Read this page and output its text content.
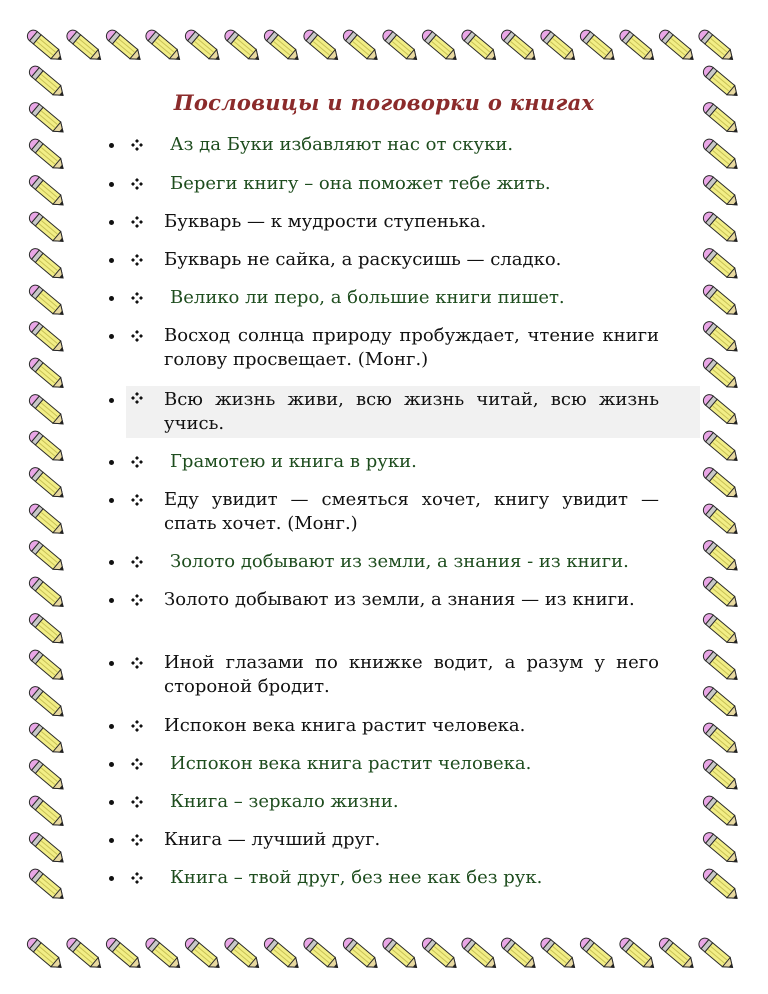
Пословицы и поговорки о книгах
• Аз да Буки избавляют нас от скуки.
• Береги книгу – она поможет тебе жить.
• Букварь — к мудрости ступенька.
• Букварь не сайка, а раскусишь — сладко.
• Велико ли перо, а большие книги пишет.
• Восход солнца природу пробуждает, чтение книги голову просвещает. (Монг.)
• Всю жизнь живи, всю жизнь читай, всю жизнь учись.
• Грамотею и книга в руки.
• Еду увидит — смеяться хочет, книгу увидит — спать хочет. (Монг.)
• Золото добывают из земли, а знания - из книги.
• Золото добывают из земли, а знания — из книги.
• Иной глазами по книжке водит, а разум у него стороной бродит.
• Испокон века книга растит человека.
• Испокон века книга растит человека.
• Книга – зеркало жизни.
• Книга — лучший друг.
• Книга – твой друг, без нее как без рук.
